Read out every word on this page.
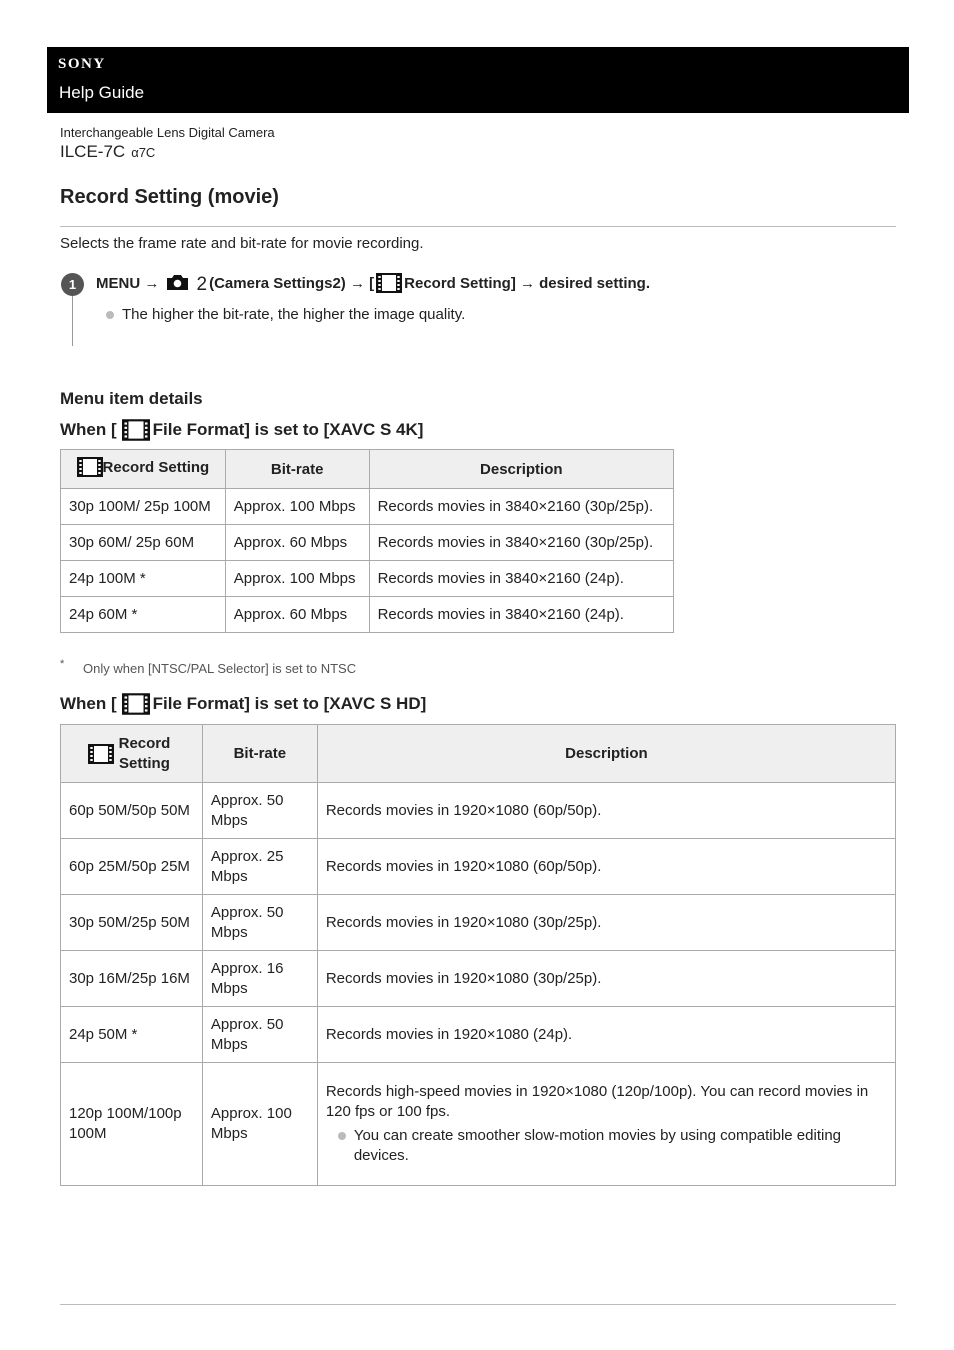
SONY
Help Guide
Interchangeable Lens Digital Camera
ILCE-7C α7C
Record Setting (movie)
Selects the frame rate and bit-rate for movie recording.
1	MENU →	2 (Camera Settings2) → [ Record Setting] → desired setting.
The higher the bit-rate, the higher the image quality.
Menu item details
When [ File Format] is set to [XAVC S 4K]
Record Setting	Bit-rate	Description
30p 100M/ 25p 100M	Approx. 100 Mbps	Records movies in 3840×2160 (30p/25p).
30p 60M/ 25p 60M	Approx. 60 Mbps	Records movies in 3840×2160 (30p/25p).
24p 100M *	Approx. 100 Mbps	Records movies in 3840×2160 (24p).
24p 60M *	Approx. 60 Mbps	Records movies in 3840×2160 (24p).
* Only when [NTSC/PAL Selector] is set to NTSC
When [ File Format] is set to [XAVC S HD]
Record Setting	Bit-rate	Description
60p 50M/50p 50M	Approx. 50 Mbps	Records movies in 1920×1080 (60p/50p).
60p 25M/50p 25M	Approx. 25 Mbps	Records movies in 1920×1080 (60p/50p).
30p 50M/25p 50M	Approx. 50 Mbps	Records movies in 1920×1080 (30p/25p).
30p 16M/25p 16M	Approx. 16 Mbps	Records movies in 1920×1080 (30p/25p).
24p 50M *	Approx. 50 Mbps	Records movies in 1920×1080 (24p).
120p 100M/100p 100M	Approx. 100 Mbps	Records high-speed movies in 1920×1080 (120p/100p). You can record movies in 120 fps or 100 fps.
You can create smoother slow-motion movies by using compatible editing devices.
